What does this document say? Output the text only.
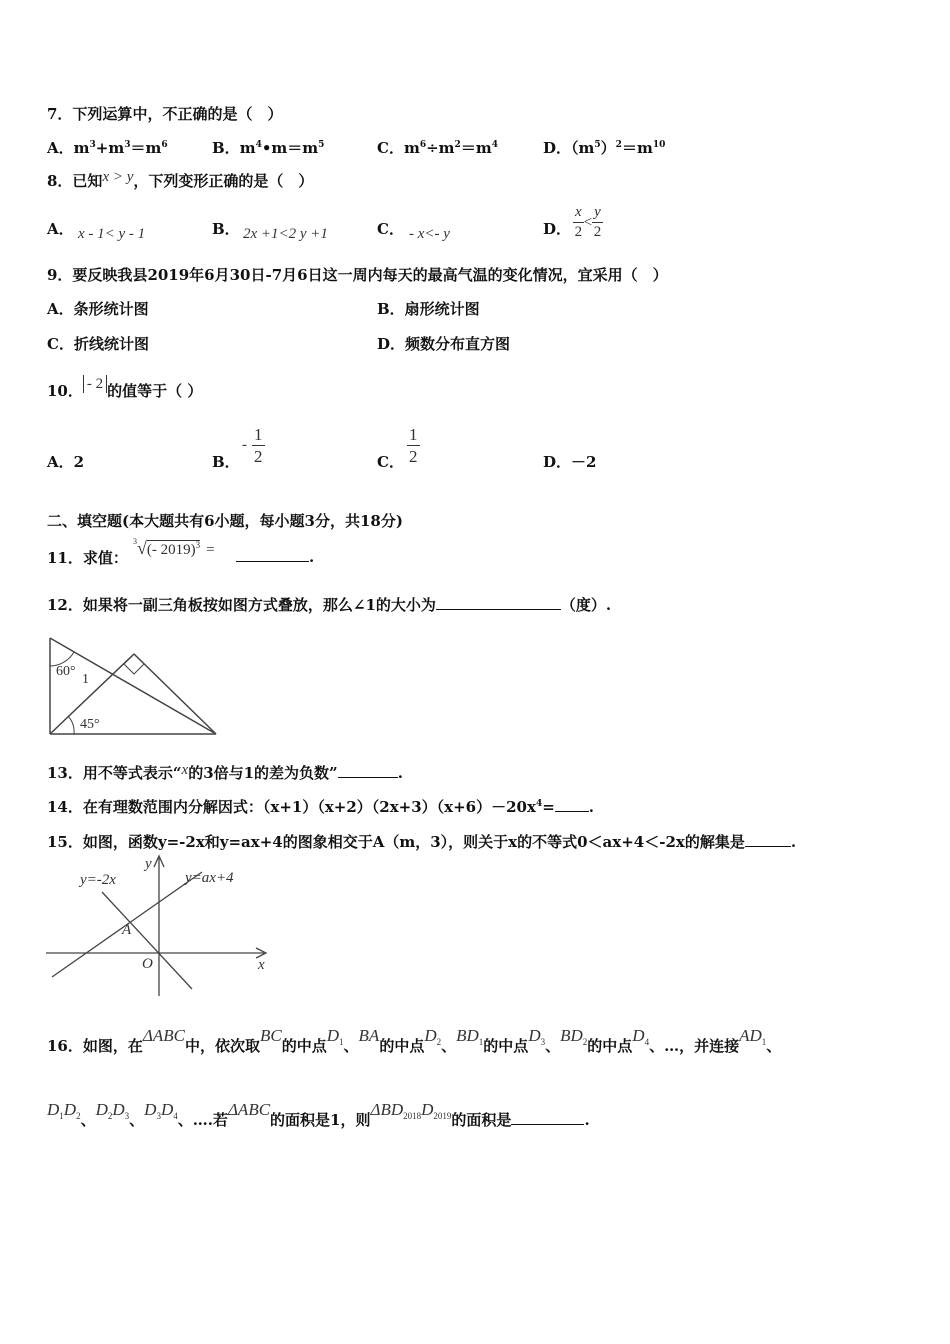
7．下列运算中，不正确的是（　）
A．$m^3+m^3=m^6$	B．$m^4•m=m^5$	C．$m^6\div m^2=m^4$	D．$(m^5)^2=m^{10}$
8．已知x > y，下列变形正确的是（　）
A． x - 1< y - 1	B． 2x +1<2 y +1	C． - x<- y	D． $\frac{x}{2} < \frac{y}{2}$
9．要反映我县2019年6月30日-7月6日这一周内每天的最高气温的变化情况，宜采用（　）
A．条形统计图	B．扇形统计图
C．折线统计图	D．频数分布直方图
10． - 2 的值等于（ ）
A．2	B．
- $\frac{1}{2}$	C． $\frac{1}{2}$	D．－2
二、填空题(本大题共有6小题，每小题3分，共18分)
11．求值：
$^3$√(- 2019)$^3$ =	.
12．如果将一副三角板按如图方式叠放，那么∠1的大小为	（度）.
60°
1
45°
13．用不等式表示“x的3倍与1的差为负数”	.
14．在有理数范围内分解因式：$(x+1)(x+2)(2x+3)(x+6)-20x^4=$ .
15．如图，函数y=-2x和y=ax+4的图象相交于A（m，3），则关于x的不等式0＜ax+4＜-2x的解集是	.
y=-2x	y=ax+4
y
x
A
O
16．如图，在ΔABC中，依次取BC的中点$D_1$、BA的中点$D_2$、$BD_1$的中点$D_3$、$BD_2$的中点$D_4$、…，并连接$AD_1$、
$D_1D_2$、$D_2D_3$、$D_3D_4$、….若ΔABC的面积是1，则$\Delta BD_{2018}D_{2019}$的面积是	.
